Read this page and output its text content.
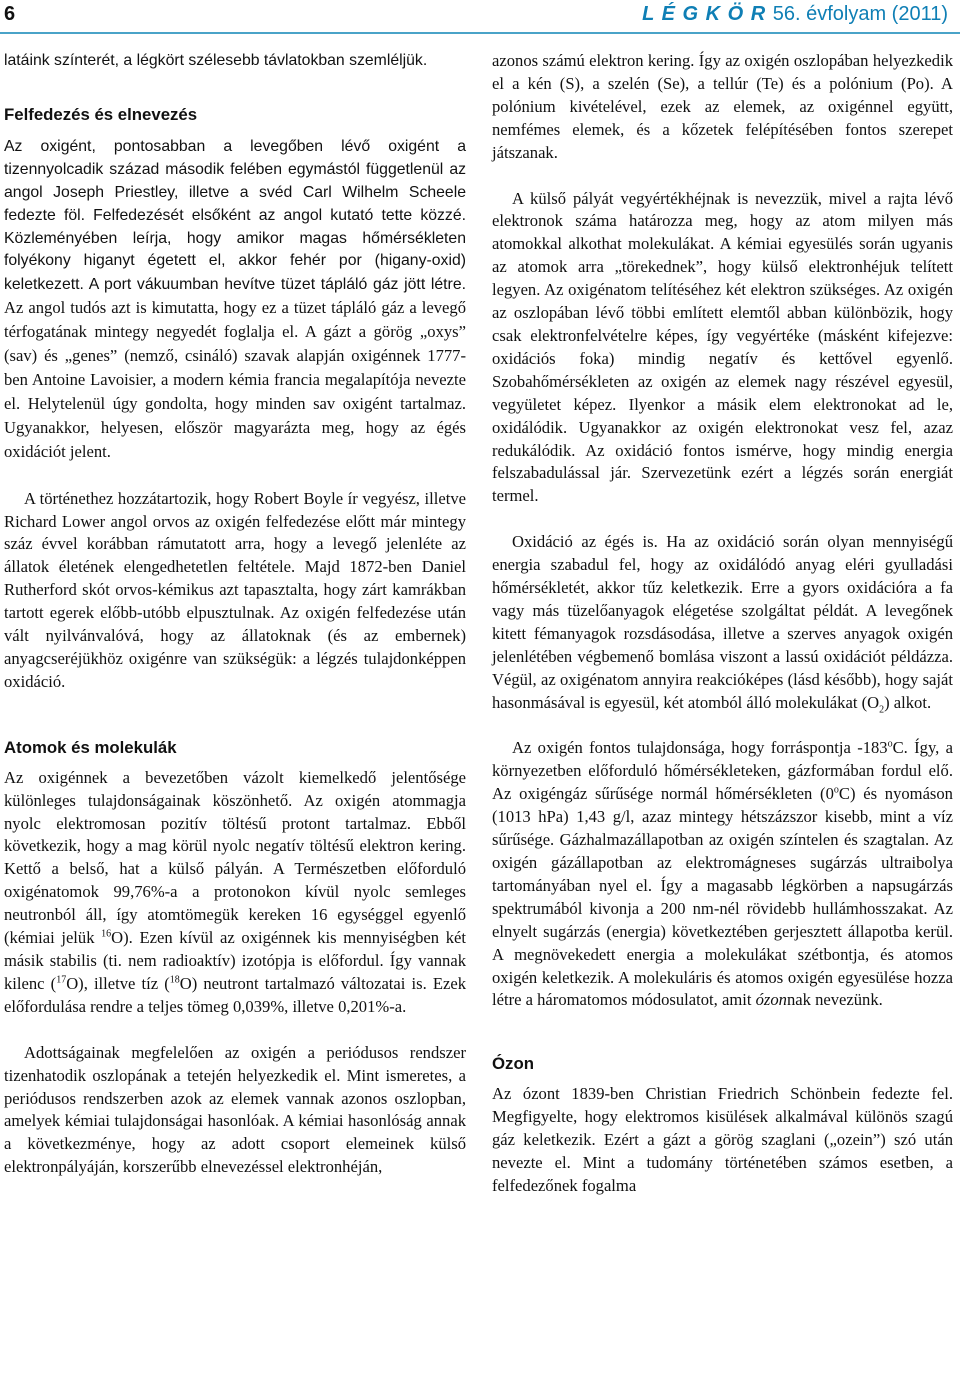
6	L É G K Ö R 56. évfolyam (2011)

latáink színterét, a légkört szélesebb távlatokban szemléljük.

Felfedezés és elnevezés

Az oxigént, pontosabban a levegőben lévő oxigént a tizennyolcadik század második felében egymástól függetlenül az angol Joseph Priestley, illetve a svéd Carl Wilhelm Scheele fedezte föl. Felfedezését elsőként az angol kutató tette közzé. Közleményében leírja, hogy amikor magas hőmérsékleten folyékony higanyt égetett el, akkor fehér por (higany-oxid) keletkezett. A port vákuumban hevítve tüzet tápláló gáz jött létre. Az angol tudós azt is kimutatta, hogy ez a tüzet tápláló gáz a levegő térfogatának mintegy negyedét foglalja el. A gázt a görög „oxys” (sav) és „genes” (nemző, csináló) szavak alapján oxigénnek 1777-ben Antoine Lavoisier, a modern kémia francia megalapítója nevezte el. Helytelenül úgy gondolta, hogy minden sav oxigént tartalmaz. Ugyanakkor, helyesen, először magyarázta meg, hogy az égés oxidációt jelent.

A történethez hozzátartozik, hogy Robert Boyle ír vegyész, illetve Richard Lower angol orvos az oxigén felfedezése előtt már mintegy száz évvel korábban rámutatott arra, hogy a levegő jelenléte az állatok életének elengedhetetlen feltétele. Majd 1872-ben Daniel Rutherford skót orvos-kémikus azt tapasztalta, hogy zárt kamrákban tartott egerek előbb-utóbb elpusztulnak. Az oxigén felfedezése után vált nyilvánvalóvá, hogy az állatoknak (és az embernek) anyagcseréjükhöz oxigénre van szükségük: a légzés tulajdonképpen oxidáció.

Atomok és molekulák

Az oxigénnek a bevezetőben vázolt kiemelkedő jelentősége különleges tulajdonságainak köszönhető. Az oxigén atommagja nyolc elektromosan pozitív töltésű protont tartalmaz. Ebből következik, hogy a mag körül nyolc negatív töltésű elektron kering. Kettő a belső, hat a külső pályán. A Természetben előforduló oxigénatomok 99,76%-a a protonokon kívül nyolc semleges neutronból áll, így atomtömegük kereken 16 egységgel egyenlő (kémiai jelük $^{16}$O). Ezen kívül az oxigénnek kis mennyiségben két másik stabilis (ti. nem radioaktív) izotópja is előfordul. Így vannak kilenc ($^{17}$O), illetve tíz ($^{18}$O) neutront tartalmazó változatai is. Ezek előfordulása rendre a teljes tömeg 0,039%, illetve 0,201%-a.

Adottságainak megfelelően az oxigén a periódusos rendszer tizenhatodik oszlopának a tetején helyezkedik el. Mint ismeretes, a periódusos rendszerben azok az elemek vannak azonos oszlopban, amelyek kémiai tulajdonságai hasonlóak. A kémiai hasonlóság annak a következménye, hogy az adott csoport elemeinek külső elektronpályáján, korszerűbb elnevezéssel elektronhéján,

azonos számú elektron kering. Így az oxigén oszlopában helyezkedik el a kén (S), a szelén (Se), a tellúr (Te) és a polónium (Po). A polónium kivételével, ezek az elemek, az oxigénnel együtt, nemfémes elemek, és a kőzetek felépítésében fontos szerepet játszanak.

A külső pályát vegyértékhéjnak is nevezzük, mivel a rajta lévő elektronok száma határozza meg, hogy az atom milyen más atomokkal alkothat molekulákat. A kémiai egyesülés során ugyanis az atomok arra „törekednek”, hogy külső elektronhéjuk telített legyen. Az oxigénatom telítéséhez két elektron szükséges. Az oxigén az oszlopában lévő többi említett elemtől abban különbözik, hogy csak elektronfelvételre képes, így vegyértéke (másként kifejezve: oxidációs foka) mindig negatív és kettővel egyenlő. Szobahőmérsékleten az oxigén az elemek nagy részével egyesül, vegyületet képez. Ilyenkor a másik elem elektronokat ad le, oxidálódik. Ugyanakkor az oxigén elektronokat vesz fel, azaz redukálódik. Az oxidáció fontos ismérve, hogy mindig energia felszabadulással jár. Szervezetünk ezért a légzés során energiát termel.

Oxidáció az égés is. Ha az oxidáció során olyan mennyiségű energia szabadul fel, hogy az oxidálódó anyag eléri gyulladási hőmérsékletét, akkor tűz keletkezik. Erre a gyors oxidációra a fa vagy más tüzelőanyagok elégetése szolgáltat példát. A levegőnek kitett fémanyagok rozsdásodása, illetve a szerves anyagok oxigén jelenlétében végbemenő bomlása viszont a lassú oxidációt példázza. Végül, az oxigénatom annyira reakcióképes (lásd később), hogy saját hasonmásával is egyesül, két atomból álló molekulákat $(O_2)$ alkot.

Az oxigén fontos tulajdonsága, hogy forráspontja -183$^o$C. Így, a környezetben előforduló hőmérsékleteken, gázformában fordul elő. Az oxigéngáz sűrűsége normál hőmérsékleten (0$^o$C) és nyomáson (1013 hPa) 1,43 g/l, azaz mintegy hétszázszor kisebb, mint a víz sűrűsége. Gázhalmazállapotban az oxigén színtelen és szagtalan. Az oxigén gázállapotban az elektromágneses sugárzás ultraibolya tartományában nyel el. Így a magasabb légkörben a napsugárzás spektrumából kivonja a 200 nm-nél rövidebb hullámhosszakat. Az elnyelt sugárzás (energia) következtében gerjesztett állapotba kerül. A megnövekedett energia a molekulákat szétbontja, és atomos oxigén keletkezik. A molekuláris és atomos oxigén egyesülése hozza létre a háromatomos módosulatot, amit ózonnak nevezünk.

Ózon

Az ózont 1839-ben Christian Friedrich Schönbein fedezte fel. Megfigyelte, hogy elektromos kisülések alkalmával különös szagú gáz keletkezik. Ezért a gázt a görög szaglani („ozein”) szó után nevezte el. Mint a tudomány történetében számos esetben, a felfedezőnek fogalma
